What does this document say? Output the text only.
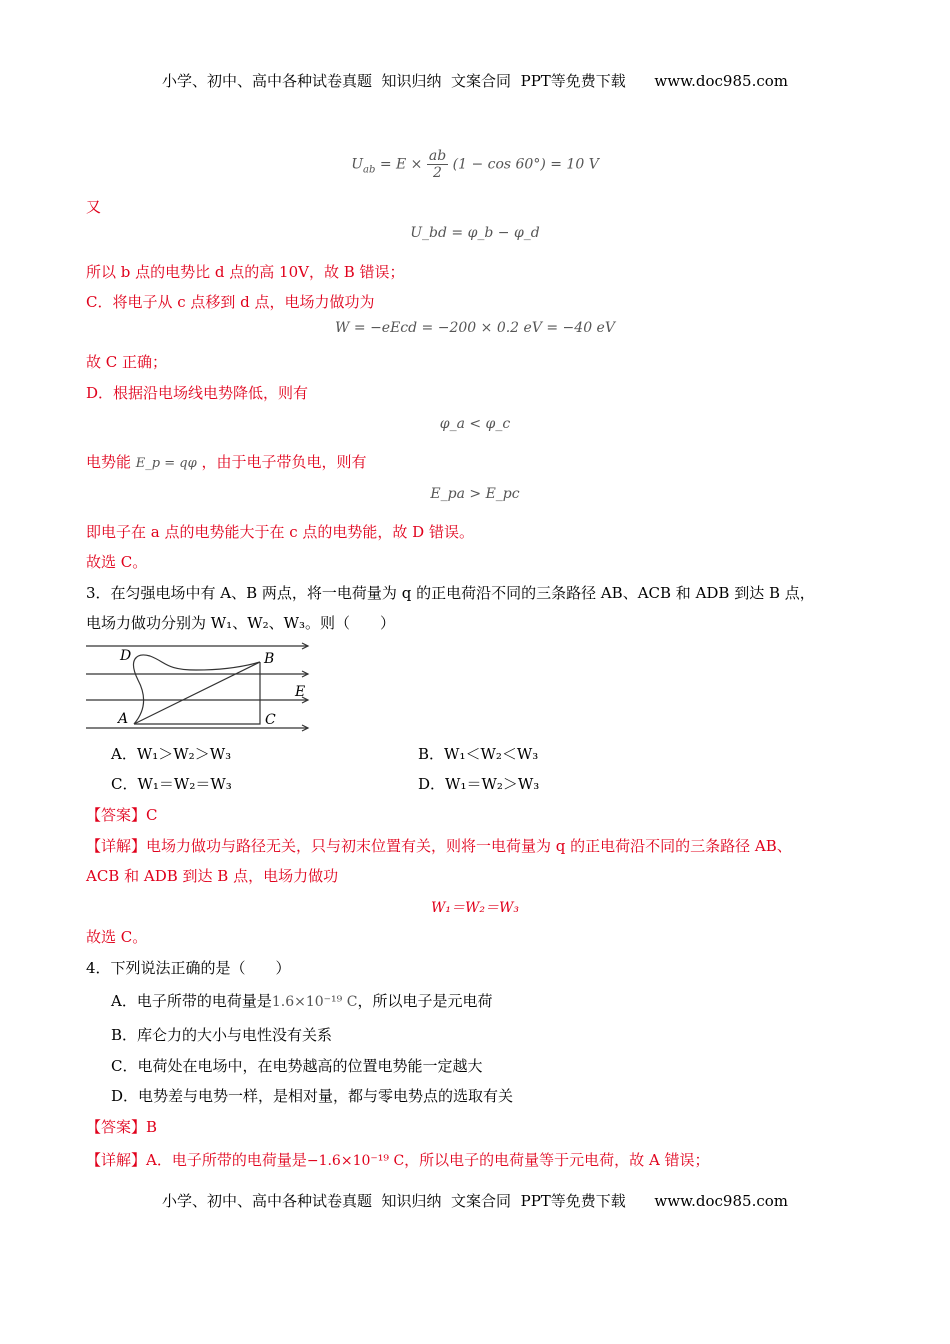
小学、初中、高中各种试卷真题  知识归纳  文案合同  PPT等免费下载      www.doc985.com
$U_{ab} = E \times \frac{ab}{2} (1 - \cos 60^\circ) = 10$ V
又
U_bd = φ_b − φ_d
所以 b 点的电势比 d 点的高 10V，故 B 错误；
C．将电子从 c 点移到 d 点，电场力做功为
W = −eEcd = −200 × 0.2 eV = −40 eV
故 C 正确；
D．根据沿电场线电势降低，则有
φ_a < φ_c
电势能 E_p = qφ ，由于电子带负电，则有
E_pa > E_pc
即电子在 a 点的电势能大于在 c 点的电势能，故 D 错误。
故选 C。
3．在匀强电场中有 A、B 两点，将一电荷量为 q 的正电荷沿不同的三条路径 AB、ACB 和 ADB 到达 B 点，
电场力做功分别为 W₁、W₂、W₃。则（　　）
D	B
E
A	C
A．W₁＞W₂＞W₃	B．W₁＜W₂＜W₃
C．W₁＝W₂＝W₃	D．W₁＝W₂＞W₃
【答案】C
【详解】电场力做功与路径无关，只与初末位置有关，则将一电荷量为 q 的正电荷沿不同的三条路径 AB、
ACB 和 ADB 到达 B 点，电场力做功
W₁＝W₂＝W₃
故选 C。
4．下列说法正确的是（　　）
A．电子所带的电荷量是1.6×10⁻¹⁹ C，所以电子是元电荷
B．库仑力的大小与电性没有关系
C．电荷处在电场中，在电势越高的位置电势能一定越大
D．电势差与电势一样，是相对量，都与零电势点的选取有关
【答案】B
【详解】A．电子所带的电荷量是−1.6×10⁻¹⁹ C，所以电子的电荷量等于元电荷，故 A 错误；
小学、初中、高中各种试卷真题  知识归纳  文案合同  PPT等免费下载      www.doc985.com
